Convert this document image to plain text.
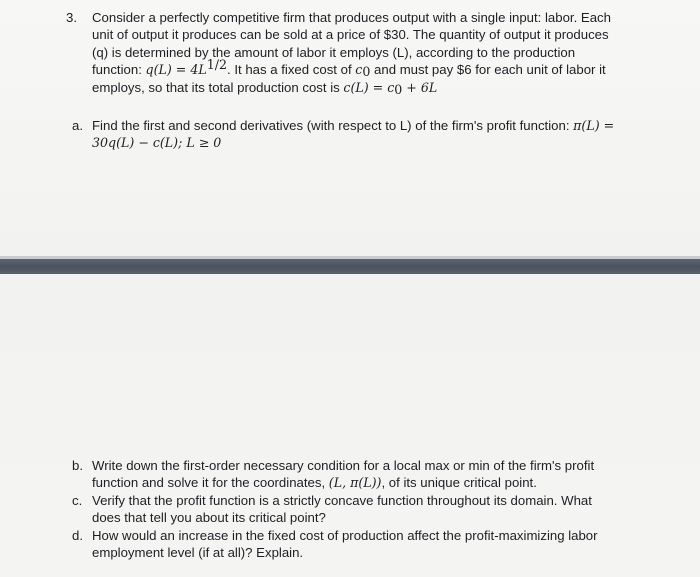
3. Consider a perfectly competitive firm that produces output with a single input: labor. Each
unit of output it produces can be sold at a price of $30. The quantity of output it produces
(q) is determined by the amount of labor it employs (L), according to the production
function: $q(L) = 4L^{1/2}$. It has a fixed cost of $c_0$ and must pay $6 for each unit of labor it
employs, so that its total production cost is $c(L) = c_0 + 6L$
a. Find the first and second derivatives (with respect to L) of the firm's profit function: π(L) =
30q(L) − c(L); L ≥ 0
b. Write down the first-order necessary condition for a local max or min of the firm's profit
function and solve it for the coordinates, (L, π(L)), of its unique critical point.
c. Verify that the profit function is a strictly concave function throughout its domain. What
does that tell you about its critical point?
d. How would an increase in the fixed cost of production affect the profit-maximizing labor
employment level (if at all)? Explain.
